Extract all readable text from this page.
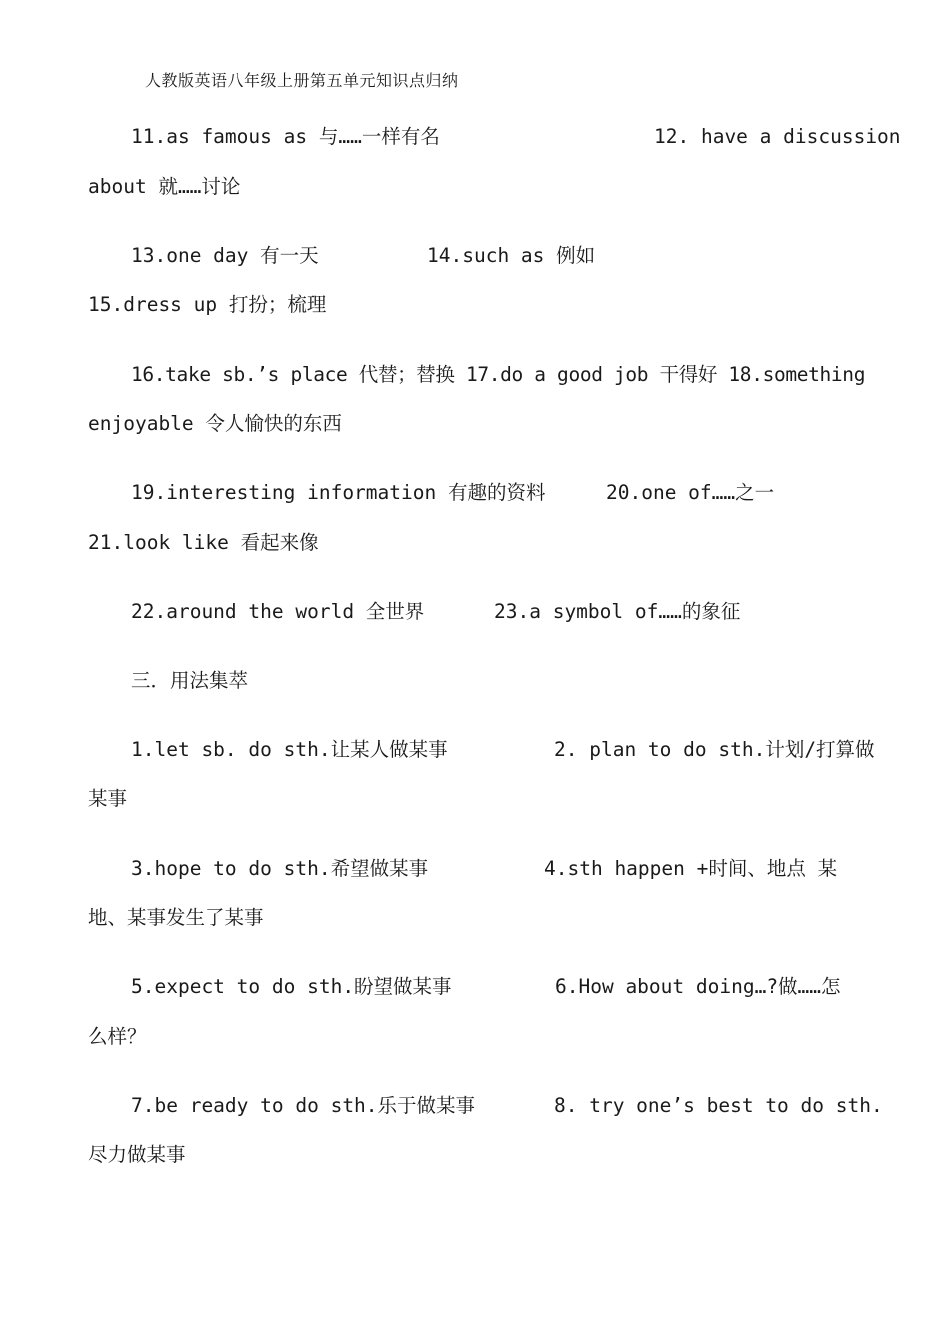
人教版英语八年级上册第五单元知识点归纳
11.as famous as 与……一样有名	12. have a discussion
about 就……讨论
13.one day 有一天	14.such as 例如
15.dress up 打扮；梳理
16.take sb.’s place 代替；替换 17.do a good job 干得好 18.something
enjoyable 令人愉快的东西
19.interesting information 有趣的资料	20.one of……之一
21.look like 看起来像
22.around the world 全世界	23.a symbol of……的象征
三．用法集萃
1.let sb. do sth.让某人做某事	2. plan to do sth.计划/打算做
某事
3.hope to do sth.希望做某事	4.sth happen +时间、地点 某
地、某事发生了某事
5.expect to do sth.盼望做某事	6.How about doing…?做……怎
么样？
7.be ready to do sth.乐于做某事	8. try one’s best to do sth.
尽力做某事
